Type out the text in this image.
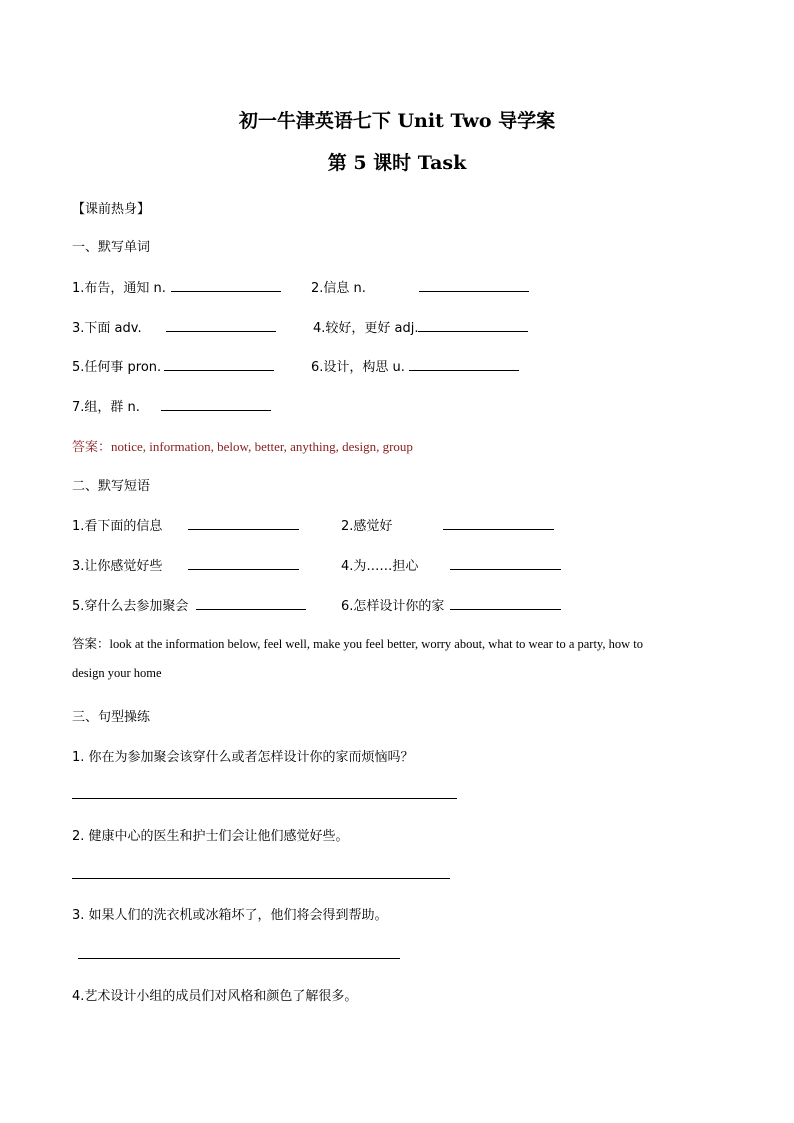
初一牛津英语七下 Unit Two 导学案
第 5 课时 Task
【课前热身】
一、默写单词
1.布告，通知 n.	2.信息 n.
3.下面 adv.	4.较好，更好 adj.
5.任何事 pron.	6.设计，构思 u.
7.组，群 n.
答案：notice, information, below, better, anything, design, group
二、默写短语
1.看下面的信息	2.感觉好
3.让你感觉好些	4.为……担心
5.穿什么去参加聚会	6.怎样设计你的家
答案：look at the information below, feel well, make you feel better, worry about, what to wear to a party, how to
design your home
三、句型操练
1. 你在为参加聚会该穿什么或者怎样设计你的家而烦恼吗？
2. 健康中心的医生和护士们会让他们感觉好些。
3. 如果人们的洗衣机或冰箱坏了，他们将会得到帮助。
4.艺术设计小组的成员们对风格和颜色了解很多。
